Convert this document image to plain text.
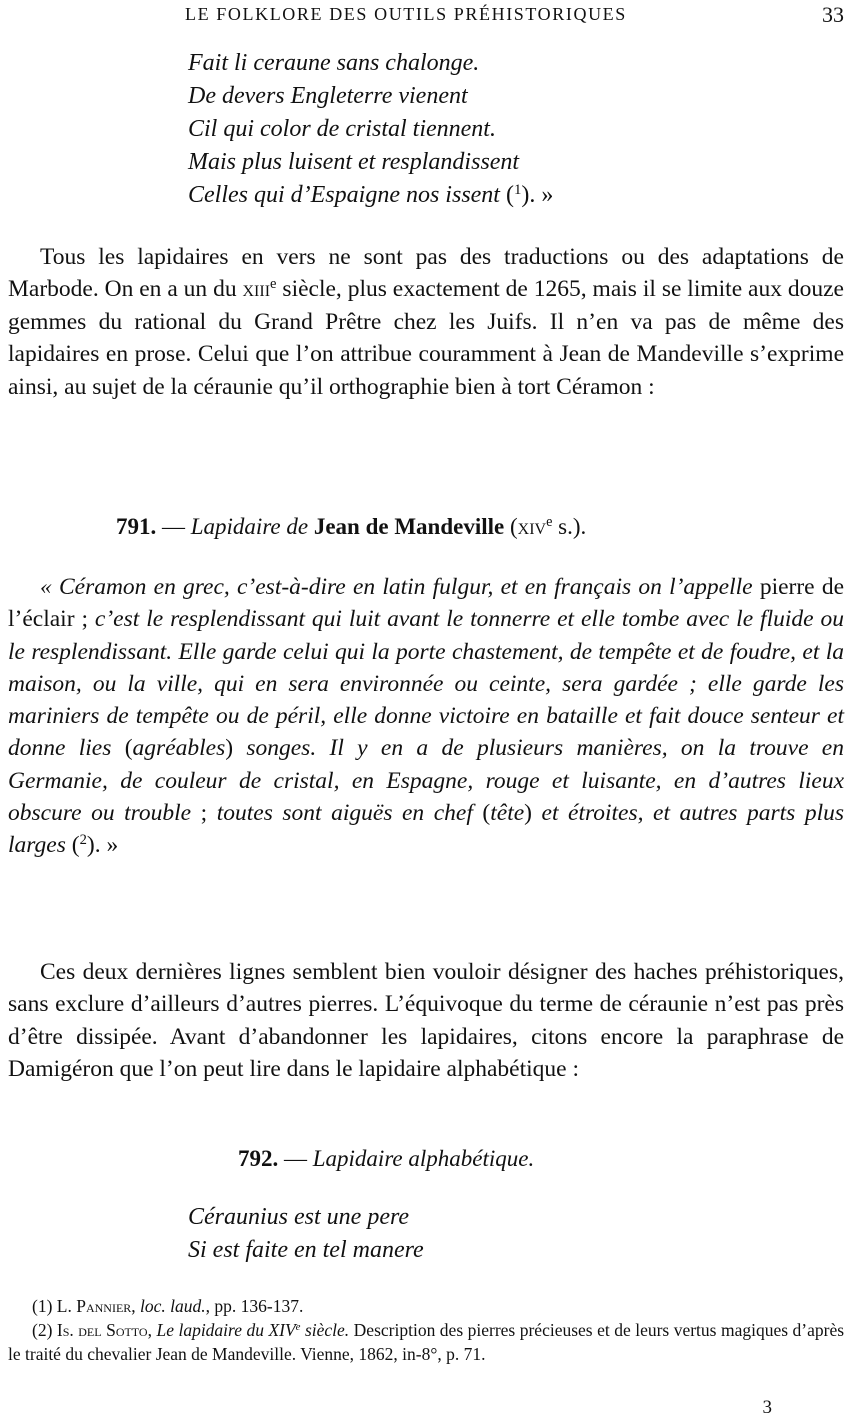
LE FOLKLORE DES OUTILS PRÉHISTORIQUES	33
Fait li ceraune sans chalonge.
De devers Engleterre vienent
Cil qui color de cristal tiennent.
Mais plus luisent et resplandissent
Celles qui d’Espaigne nos issent ($^1$). »

Tous les lapidaires en vers ne sont pas des traductions ou des adaptations de Marbode. On en a un du xiii$^e$ siècle, plus exactement de 1265, mais il se limite aux douze gemmes du rational du Grand Prêtre chez les Juifs. Il n’en va pas de même des lapidaires en prose. Celui que l’on attribue couramment à Jean de Mandeville s’exprime ainsi, au sujet de la céraunie qu’il orthographie bien à tort Céramon :

791. — Lapidaire de Jean de Mandeville (xiv$^e$ s.).

« Céramon en grec, c’est-à-dire en latin fulgur, et en français on l’appelle pierre de l’éclair ; c’est le resplendissant qui luit avant le tonnerre et elle tombe avec le fluide ou le resplendissant. Elle garde celui qui la porte chastement, de tempête et de foudre, et la maison, ou la ville, qui en sera environnée ou ceinte, sera gardée ; elle garde les mariniers de tempête ou de péril, elle donne victoire en bataille et fait douce senteur et donne lies (agréables) songes. Il y en a de plusieurs manières, on la trouve en Germanie, de couleur de cristal, en Espagne, rouge et luisante, en d’autres lieux obscure ou trouble ; toutes sont aiguës en chef (tête) et étroites, et autres parts plus larges ($^2$). »

Ces deux dernières lignes semblent bien vouloir désigner des haches préhistoriques, sans exclure d’ailleurs d’autres pierres. L’équivoque du terme de céraunie n’est pas près d’être dissipée. Avant d’abandonner les lapidaires, citons encore la paraphrase de Damigéron que l’on peut lire dans le lapidaire alphabétique :

792. — Lapidaire alphabétique.
Céraunius est une pere
Si est faite en tel manere

(1) L. Pannier, loc. laud., pp. 136-137.

(2) Is. del Sotto, Le lapidaire du XIVe siècle. Description des pierres précieuses et de leurs vertus magiques d’après le traité du chevalier Jean de Mandeville. Vienne, 1862, in-8°, p. 71.

3
